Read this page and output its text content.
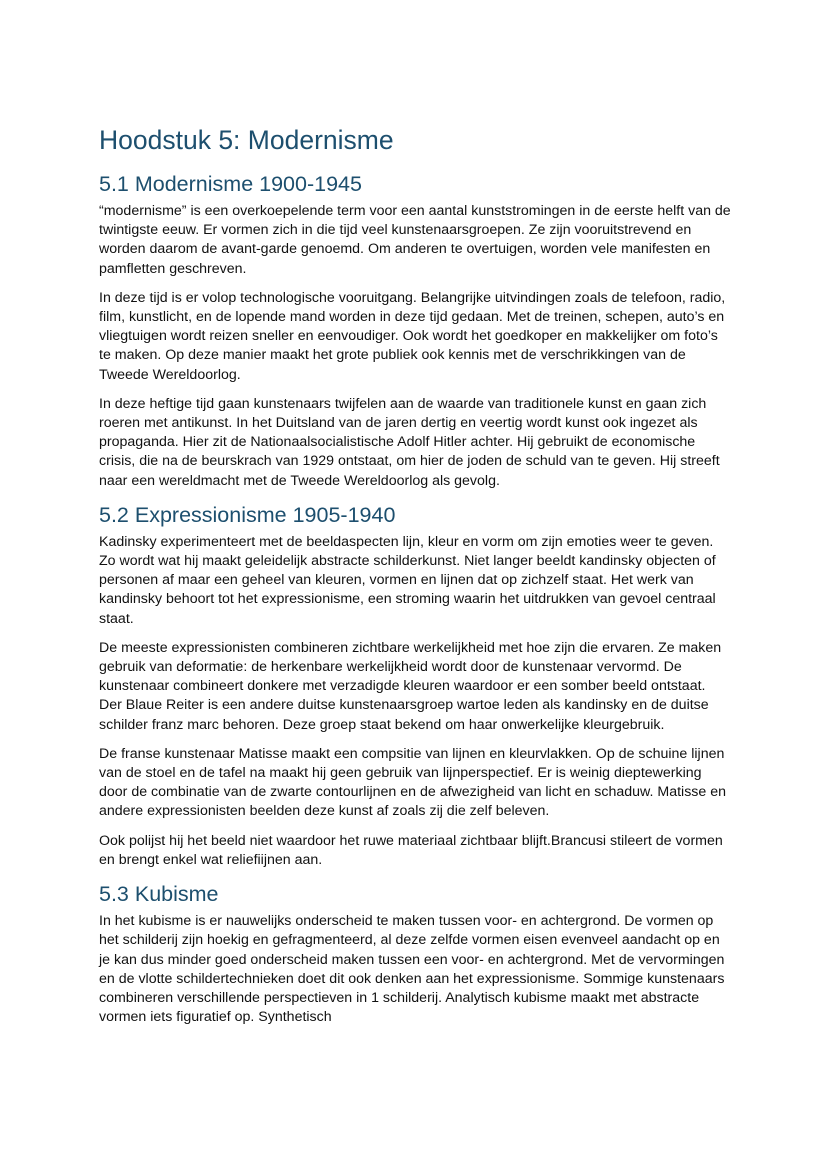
Hoodstuk 5: Modernisme
5.1 Modernisme 1900-1945

“modernisme” is een overkoepelende term voor een aantal kunststromingen in de eerste helft van de twintigste eeuw. Er vormen zich in die tijd veel kunstenaarsgroepen. Ze zijn vooruitstrevend en worden daarom de avant-garde genoemd. Om anderen te overtuigen, worden vele manifesten en pamfletten geschreven.

In deze tijd is er volop technologische vooruitgang. Belangrijke uitvindingen zoals de telefoon, radio, film, kunstlicht, en de lopende mand worden in deze tijd gedaan. Met de treinen, schepen, auto’s en vliegtuigen wordt reizen sneller en eenvoudiger. Ook wordt het goedkoper en makkelijker om foto’s te maken. Op deze manier maakt het grote publiek ook kennis met de verschrikkingen van de Tweede Wereldoorlog.

In deze heftige tijd gaan kunstenaars twijfelen aan de waarde van traditionele kunst en gaan zich roeren met antikunst. In het Duitsland van de jaren dertig en veertig wordt kunst ook ingezet als propaganda. Hier zit de Nationaalsocialistische Adolf Hitler achter. Hij gebruikt de economische crisis, die na de beurskrach van 1929 ontstaat, om hier de joden de schuld van te geven. Hij streeft naar een wereldmacht met de Tweede Wereldoorlog als gevolg.

5.2 Expressionisme 1905-1940

Kadinsky experimenteert met de beeldaspecten lijn, kleur en vorm om zijn emoties weer te geven. Zo wordt wat hij maakt geleidelijk abstracte schilderkunst. Niet langer beeldt kandinsky objecten of personen af maar een geheel van kleuren, vormen en lijnen dat op zichzelf staat. Het werk van kandinsky behoort tot het expressionisme, een stroming waarin het uitdrukken van gevoel centraal staat.

De meeste expressionisten combineren zichtbare werkelijkheid met hoe zijn die ervaren. Ze maken gebruik van deformatie: de herkenbare werkelijkheid wordt door de kunstenaar vervormd. De kunstenaar combineert donkere met verzadigde kleuren waardoor er een somber beeld ontstaat. Der Blaue Reiter is een andere duitse kunstenaarsgroep wartoe leden als kandinsky en de duitse schilder franz marc behoren. Deze groep staat bekend om haar onwerkelijke kleurgebruik.

De franse kunstenaar Matisse maakt een compsitie van lijnen en kleurvlakken. Op de schuine lijnen van de stoel en de tafel na maakt hij geen gebruik van lijnperspectief. Er is weinig dieptewerking door de combinatie van de zwarte contourlijnen en de afwezigheid van licht en schaduw. Matisse en andere expressionisten beelden deze kunst af zoals zij die zelf beleven.

Ook polijst hij het beeld niet waardoor het ruwe materiaal zichtbaar blijft.Brancusi stileert de vormen en brengt enkel wat reliefiijnen aan.

5.3 Kubisme

In het kubisme is er nauwelijks onderscheid te maken tussen voor- en achtergrond. De vormen op het schilderij zijn hoekig en gefragmenteerd, al deze zelfde vormen eisen evenveel aandacht op en je kan dus minder goed onderscheid maken tussen een voor- en achtergrond. Met de vervormingen en de vlotte schildertechnieken doet dit ook denken aan het expressionisme. Sommige kunstenaars combineren verschillende perspectieven in 1 schilderij. Analytisch kubisme maakt met abstracte vormen iets figuratief op. Synthetisch
